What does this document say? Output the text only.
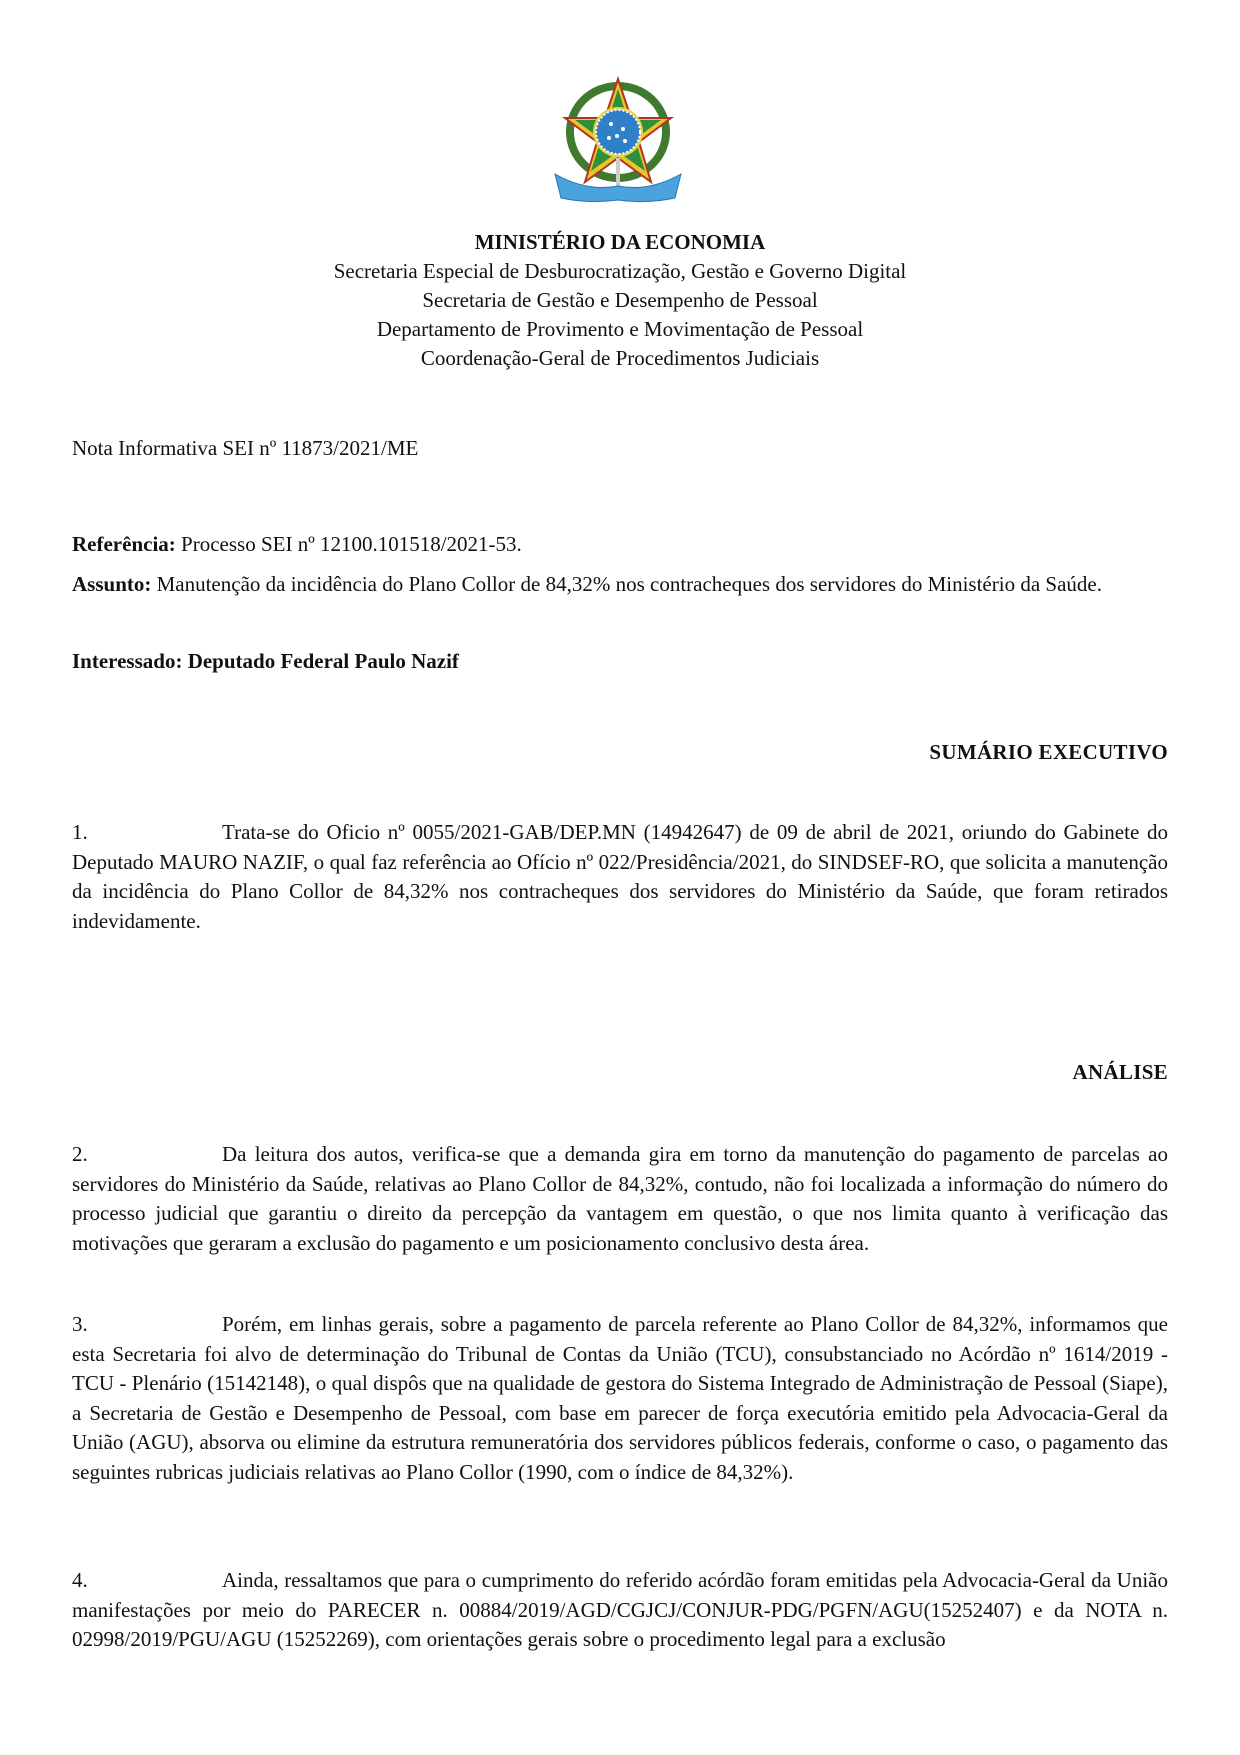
MINISTÉRIO DA ECONOMIA
Secretaria Especial de Desburocratização, Gestão e Governo Digital
Secretaria de Gestão e Desempenho de Pessoal
Departamento de Provimento e Movimentação de Pessoal
Coordenação-Geral de Procedimentos Judiciais
Nota Informativa SEI nº 11873/2021/ME
Referência: Processo SEI nº 12100.101518/2021-53.
Assunto: Manutenção da incidência do Plano Collor de 84,32% nos contracheques dos servidores do Ministério da Saúde.
Interessado: Deputado Federal Paulo Nazif
SUMÁRIO EXECUTIVO
1.	Trata-se do Oficio nº 0055/2021-GAB/DEP.MN (14942647) de 09 de abril de 2021, oriundo do Gabinete do Deputado MAURO NAZIF, o qual faz referência ao Ofício nº 022/Presidência/2021, do SINDSEF-RO, que solicita a manutenção da incidência do Plano Collor de 84,32% nos contracheques dos servidores do Ministério da Saúde, que foram retirados indevidamente.
ANÁLISE
2.	Da leitura dos autos, verifica-se que a demanda gira em torno da manutenção do pagamento de parcelas ao servidores do Ministério da Saúde, relativas ao Plano Collor de 84,32%, contudo, não foi localizada a informação do número do processo judicial que garantiu o direito da percepção da vantagem em questão, o que nos limita quanto à verificação das motivações que geraram a exclusão do pagamento e um posicionamento conclusivo desta área.
3.	Porém, em linhas gerais, sobre a pagamento de parcela referente ao Plano Collor de 84,32%, informamos que esta Secretaria foi alvo de determinação do Tribunal de Contas da União (TCU), consubstanciado no Acórdão nº 1614/2019 - TCU - Plenário (15142148), o qual dispôs que na qualidade de gestora do Sistema Integrado de Administração de Pessoal (Siape), a Secretaria de Gestão e Desempenho de Pessoal, com base em parecer de força executória emitido pela Advocacia-Geral da União (AGU), absorva ou elimine da estrutura remuneratória dos servidores públicos federais, conforme o caso, o pagamento das seguintes rubricas judiciais relativas ao Plano Collor (1990, com o índice de 84,32%).
4.	Ainda, ressaltamos que para o cumprimento do referido acórdão foram emitidas pela Advocacia-Geral da União manifestações por meio do PARECER n. 00884/2019/AGD/CGJCJ/CONJUR-PDG/PGFN/AGU(15252407) e da NOTA n. 02998/2019/PGU/AGU (15252269), com orientações gerais sobre o procedimento legal para a exclusão
